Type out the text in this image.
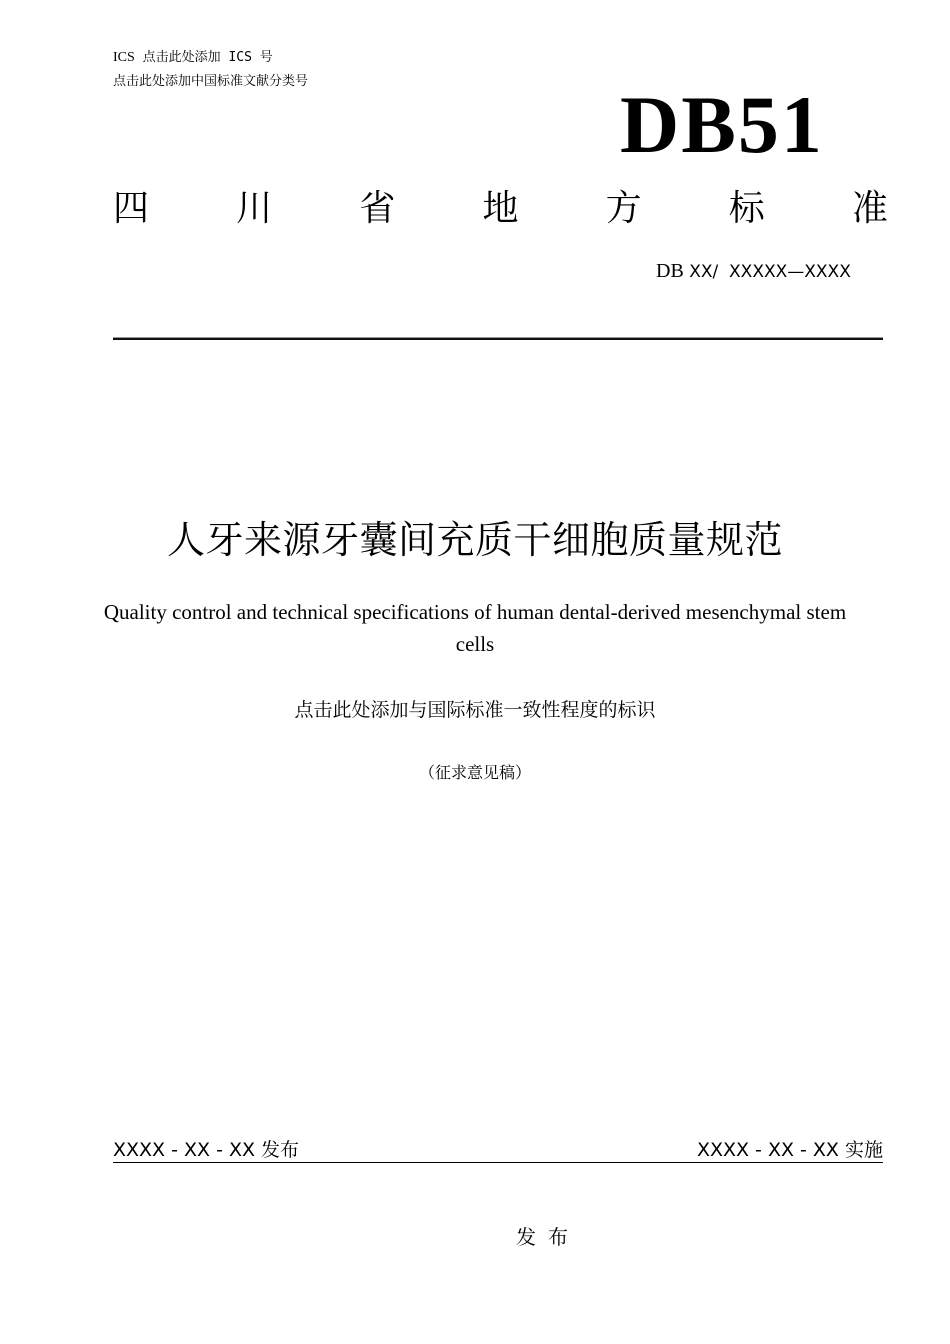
ICS 点击此处添加 ICS 号
点击此处添加中国标准文献分类号	DB51
四 川 省 地 方 标 准
DB XX/  XXXXX—XXXX
人牙来源牙囊间充质干细胞质量规范
Quality control and technical specifications of human dental-derived mesenchymal stem cells
点击此处添加与国际标准一致性程度的标识
（征求意见稿）
XXXX - XX - XX 发布	XXXX - XX - XX 实施
发布
